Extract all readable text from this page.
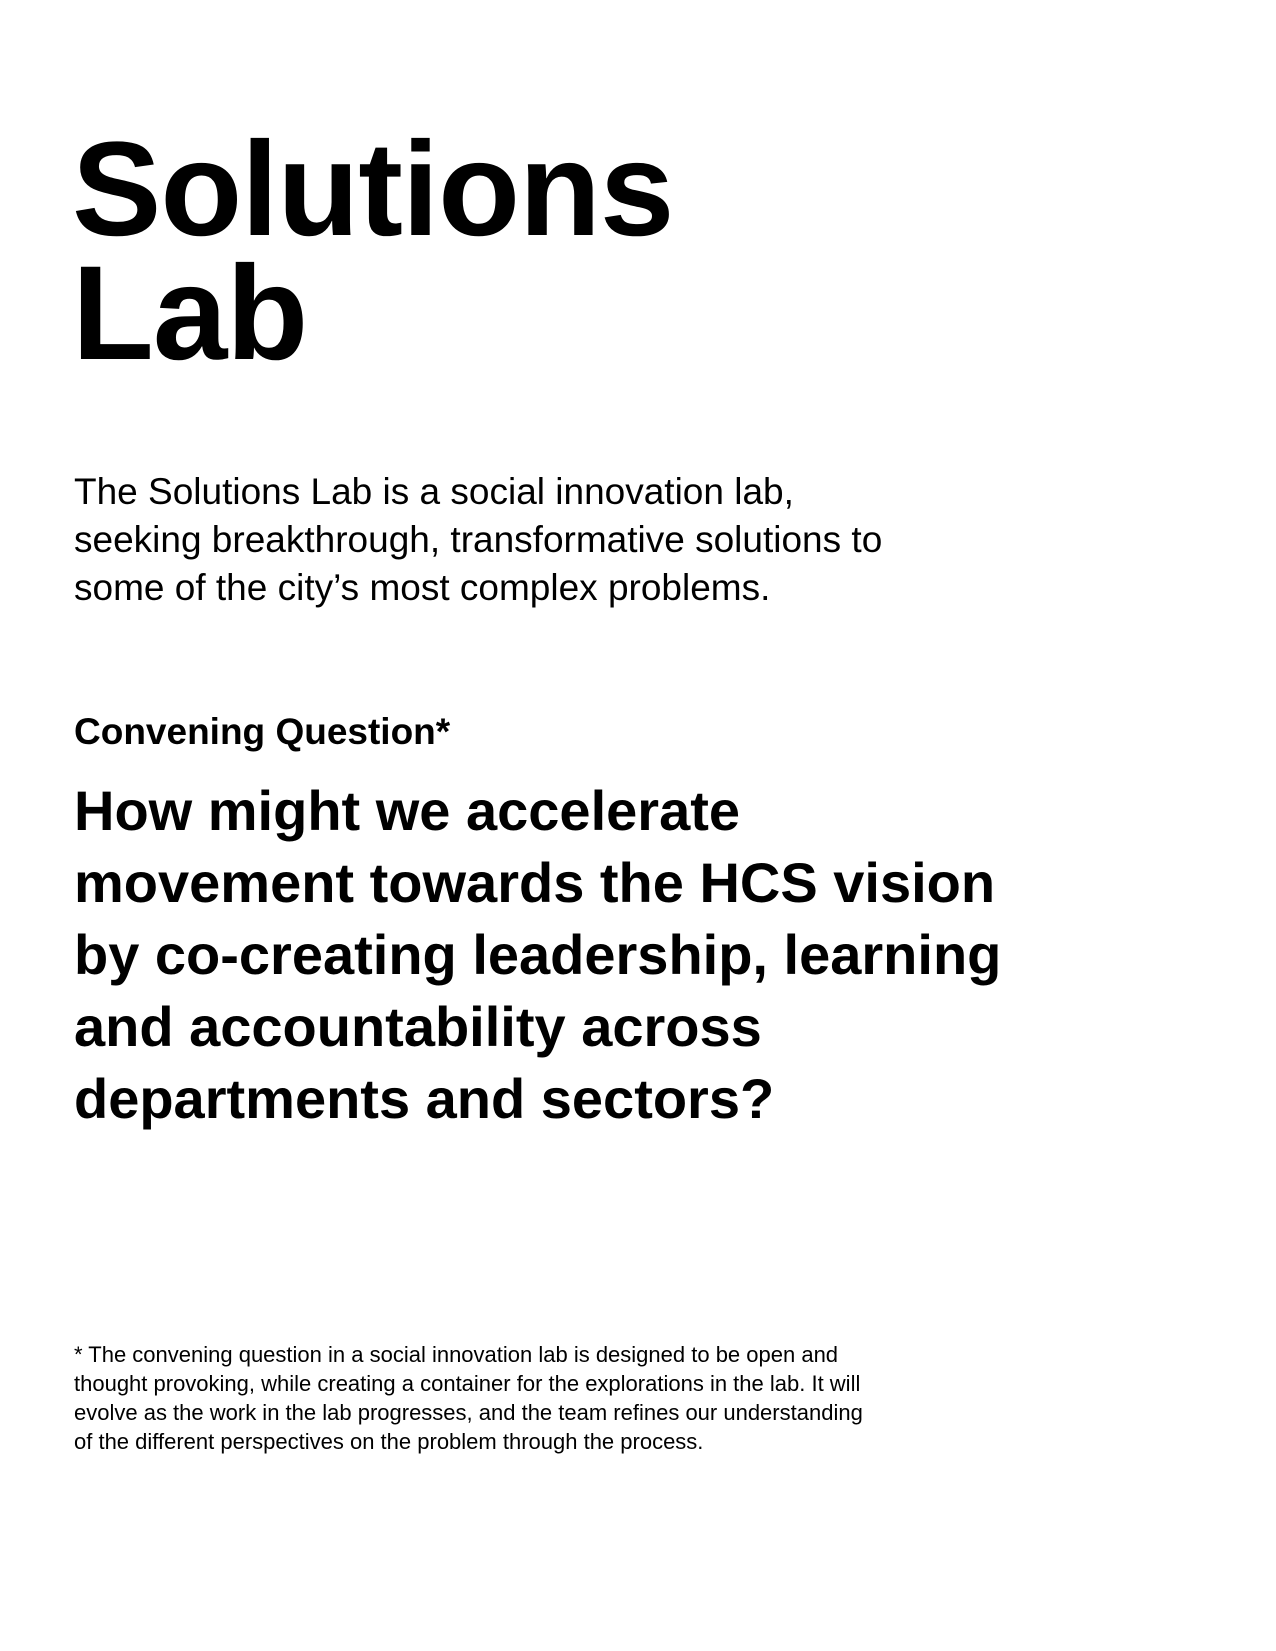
Solutions
Lab

The Solutions Lab is a social innovation lab,
seeking breakthrough, transformative solutions to
some of the city’s most complex problems.

Convening Question*

How might we accelerate
movement towards the HCS vision
by co-creating leadership, learning
and accountability across
departments and sectors?

* The convening question in a social innovation lab is designed to be open and
thought provoking, while creating a container for the explorations in the lab. It will
evolve as the work in the lab progresses, and the team refines our understanding
of the different perspectives on the problem through the process.
